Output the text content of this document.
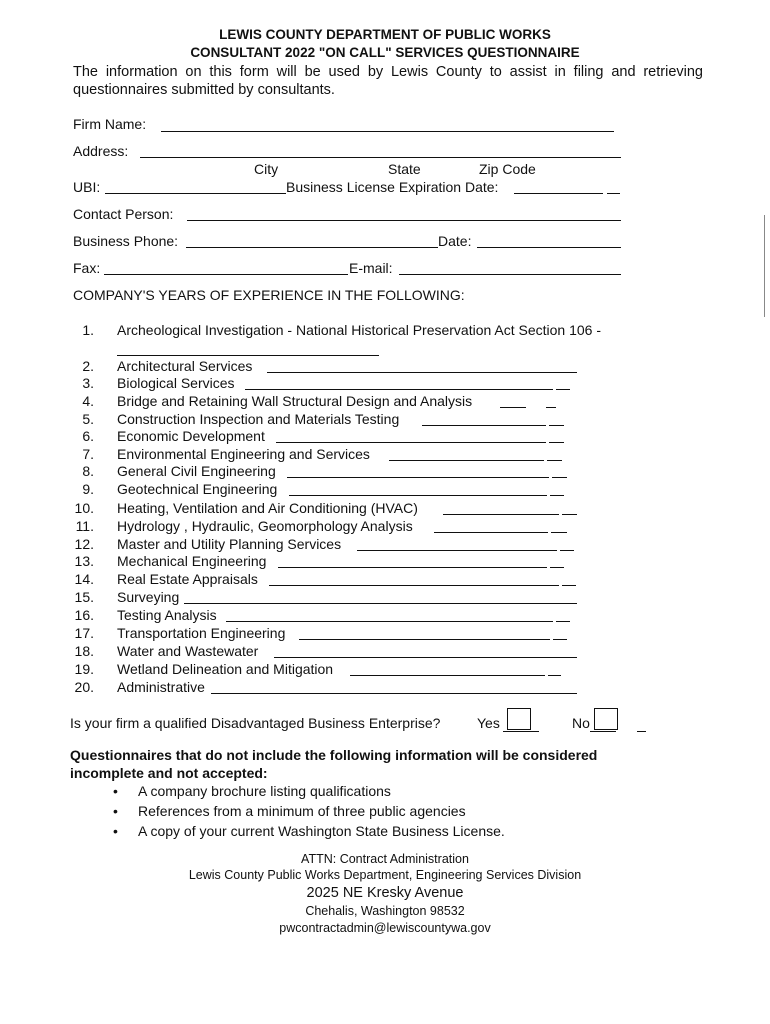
LEWIS COUNTY DEPARTMENT OF PUBLIC WORKS
CONSULTANT 2022 "ON CALL" SERVICES QUESTIONNAIRE
The information on this form will be used by Lewis County to assist in filing and retrieving questionnaires submitted by consultants.
Firm Name:
Address:
City	State	Zip Code
UBI:	Business License Expiration Date:
Contact Person:
Business Phone:	Date:
Fax:	E-mail:
COMPANY'S YEARS OF EXPERIENCE IN THE FOLLOWING:
1. Archeological Investigation - National Historical Preservation Act Section 106 -
2. Architectural Services
3. Biological Services
4. Bridge and Retaining Wall Structural Design and Analysis
5. Construction Inspection and Materials Testing
6. Economic Development
7. Environmental Engineering and Services
8. General Civil Engineering
9. Geotechnical Engineering
10. Heating, Ventilation and Air Conditioning (HVAC)
11. Hydrology , Hydraulic, Geomorphology Analysis
12. Master and Utility Planning Services
13. Mechanical Engineering
14. Real Estate Appraisals
15. Surveying
16. Testing Analysis
17. Transportation Engineering
18. Water and Wastewater
19. Wetland Delineation and Mitigation
20. Administrative
Is your firm a qualified Disadvantaged Business Enterprise?	Yes	No
Questionnaires that do not include the following information will be considered
incomplete and not accepted:
• A company brochure listing qualifications
• References from a minimum of three public agencies
• A copy of your current Washington State Business License.
ATTN: Contract Administration
Lewis County Public Works Department, Engineering Services Division
2025 NE Kresky Avenue
Chehalis, Washington 98532
pwcontractadmin@lewiscountywa.gov
